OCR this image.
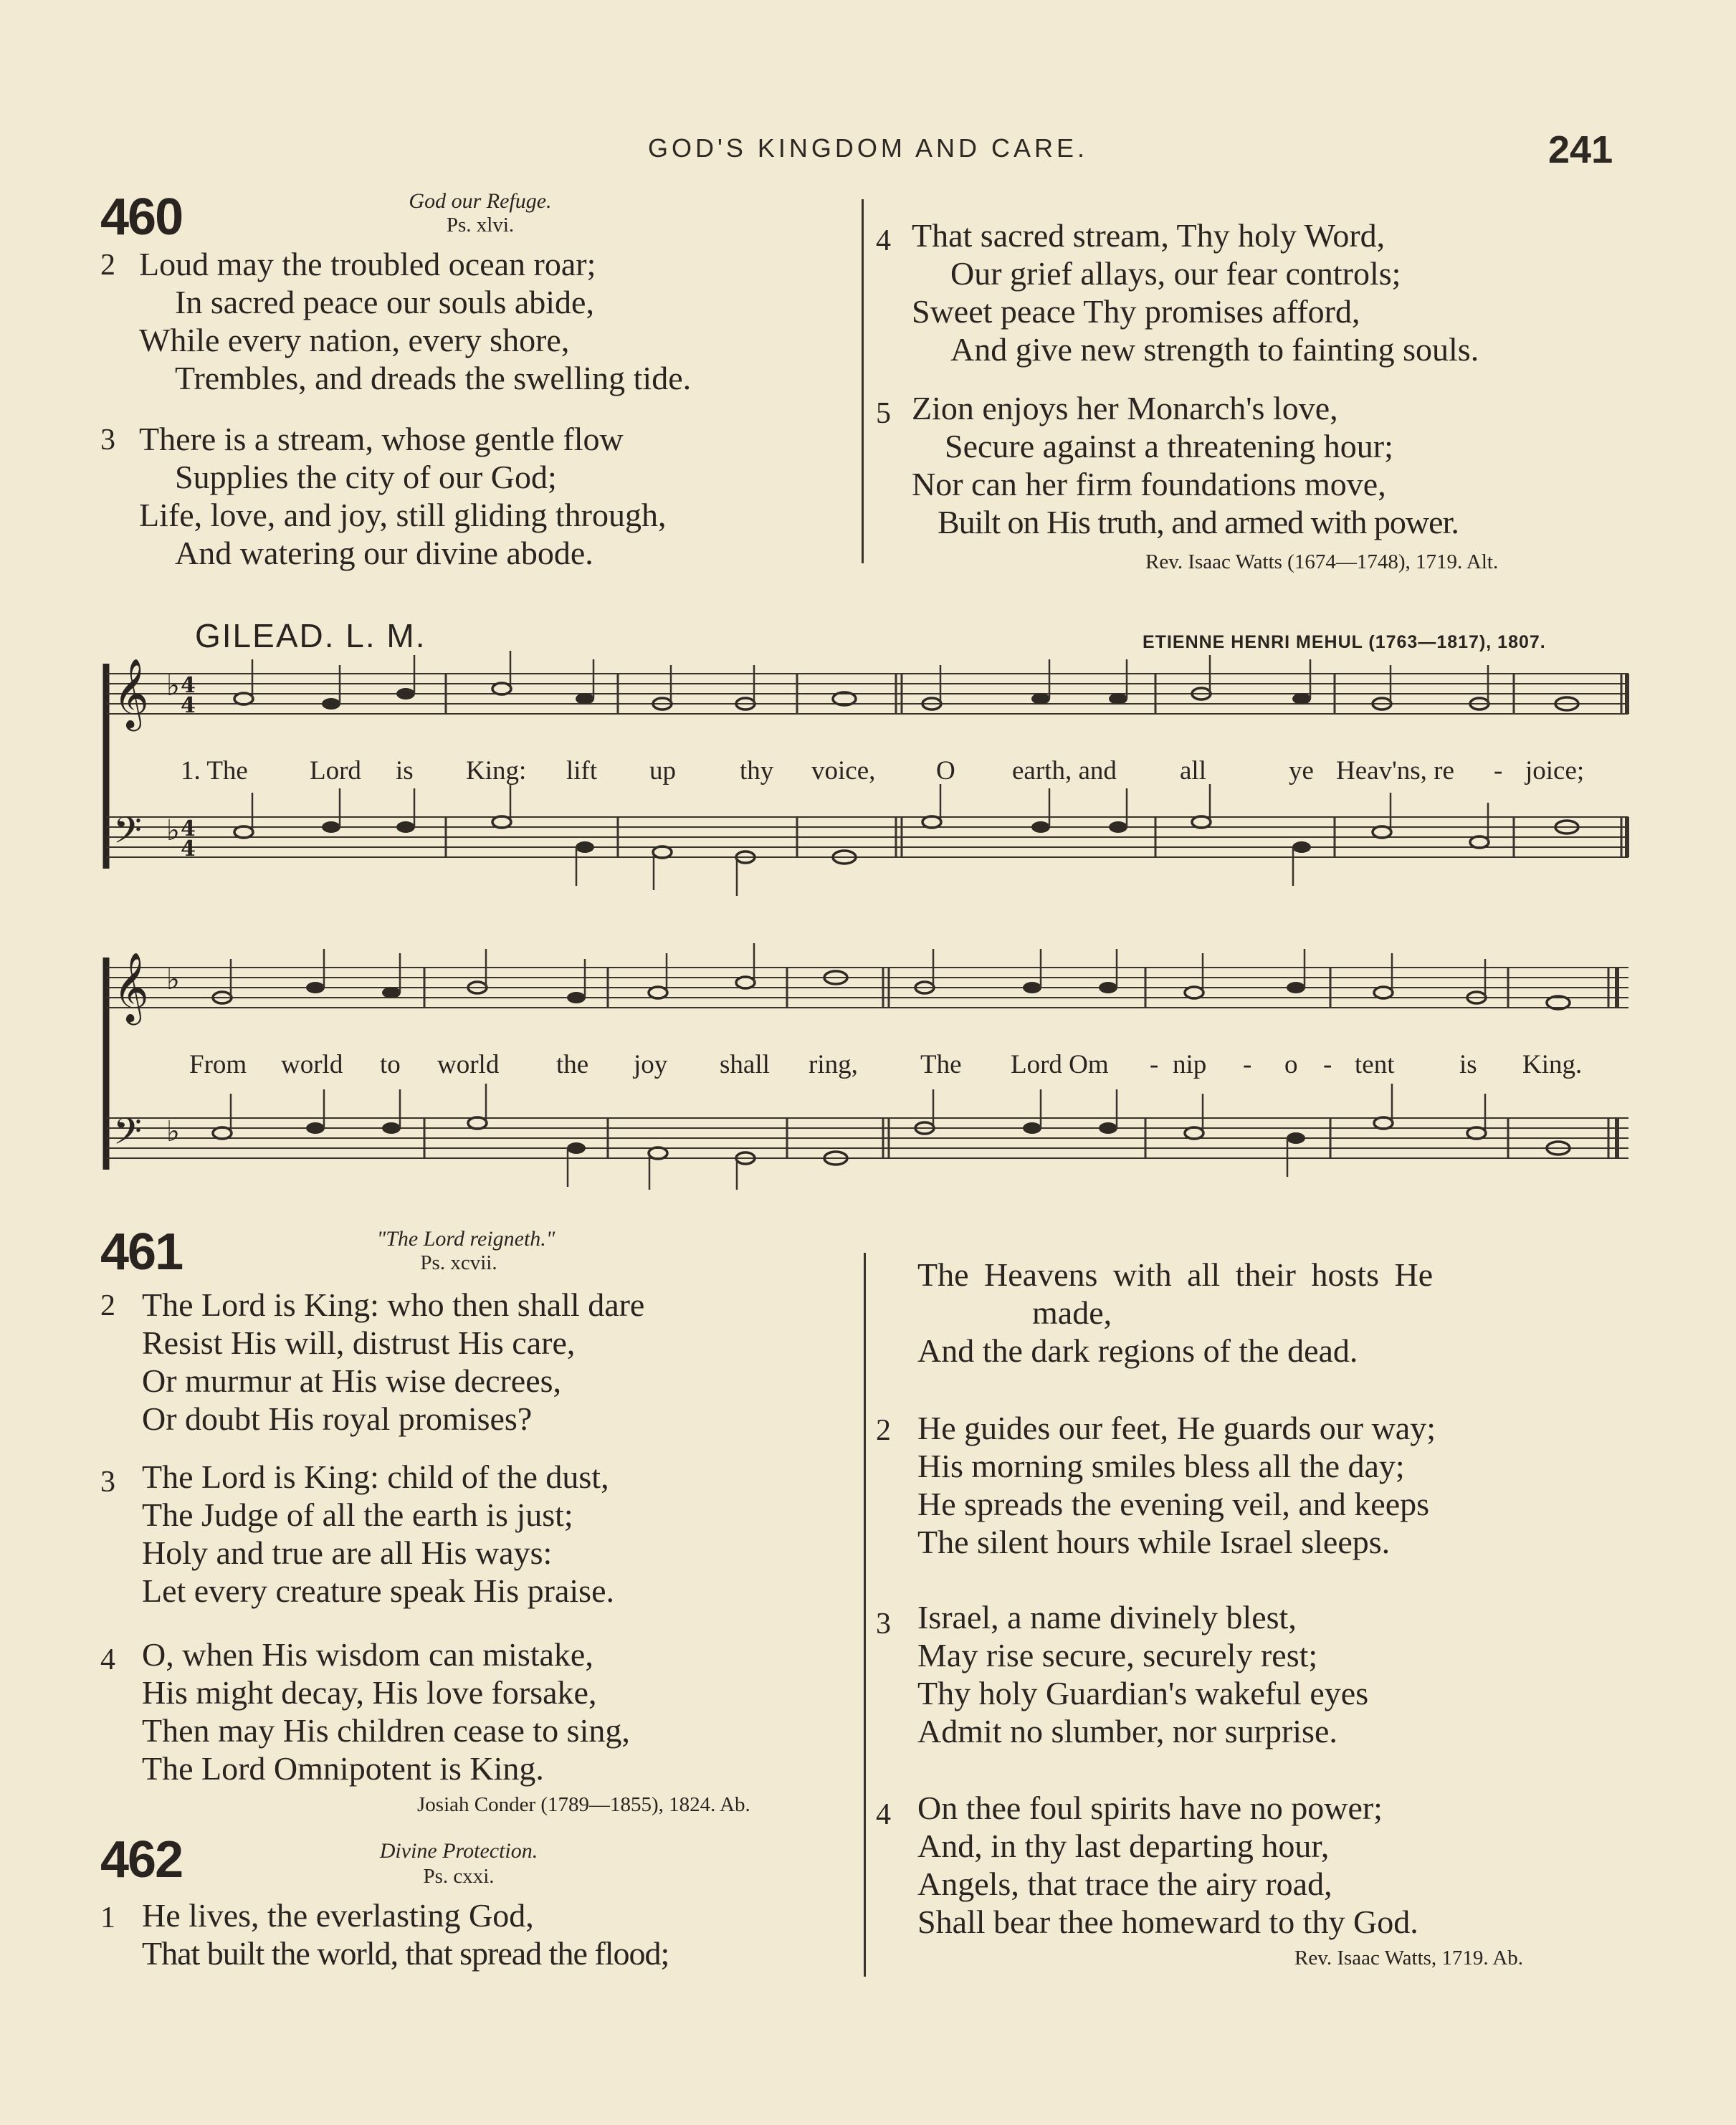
GOD'S KINGDOM AND CARE.	241
460	God our Refuge.
Ps. xlvi.
2 Loud may the troubled ocean roar;
In sacred peace our souls abide,
While every nation, every shore,
Trembles, and dreads the swelling tide.
3 There is a stream, whose gentle flow
Supplies the city of our God;
Life, love, and joy, still gliding through,
And watering our divine abode.
4 That sacred stream, Thy holy Word,
Our grief allays, our fear controls;
Sweet peace Thy promises afford,
And give new strength to fainting souls.
5 Zion enjoys her Monarch's love,
Secure against a threatening hour;
Nor can her firm foundations move,
Built on His truth, and armed with power.
Rev. Isaac Watts (1674—1748), 1719. Alt.
GILEAD. L. M.	ETIENNE HENRI MEHUL (1763—1817), 1807.
𝄞 ♭ 4
4
𝄢 ♭ 4
4
𝄞 ♭
𝄢 ♭
1. The Lord is King: lift up thy voice, O earth, and all	ye Heav'ns, re - joice;
From world to world the joy shall ring, The Lord Om - nip - o - tent is King.
461	"The Lord reigneth."
Ps. xcvii.
2 The Lord is King: who then shall dare
Resist His will, distrust His care,
Or murmur at His wise decrees,
Or doubt His royal promises?
3 The Lord is King: child of the dust,
The Judge of all the earth is just;
Holy and true are all His ways:
Let every creature speak His praise.
4 O, when His wisdom can mistake,
His might decay, His love forsake,
Then may His children cease to sing,
The Lord Omnipotent is King.
Josiah Conder (1789—1855), 1824. Ab.
462	Divine Protection.
Ps. cxxi.
1 He lives, the everlasting God,
That built the world, that spread the flood;
The Heavens with all their hosts He
made,
And the dark regions of the dead.
2 He guides our feet, He guards our way;
His morning smiles bless all the day;
He spreads the evening veil, and keeps
The silent hours while Israel sleeps.
3 Israel, a name divinely blest,
May rise secure, securely rest;
Thy holy Guardian's wakeful eyes
Admit no slumber, nor surprise.
4 On thee foul spirits have no power;
And, in thy last departing hour,
Angels, that trace the airy road,
Shall bear thee homeward to thy God.
Rev. Isaac Watts, 1719. Ab.
